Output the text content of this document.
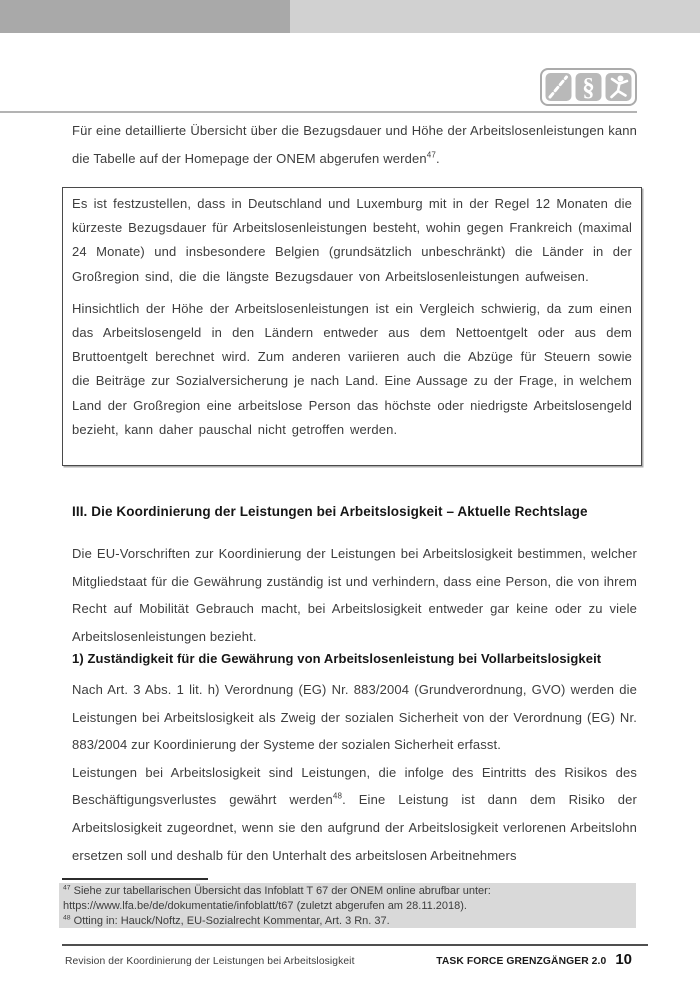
§

Für eine detaillierte Übersicht über die Bezugsdauer und Höhe der Arbeitslosenleistungen kann die Tabelle auf der Homepage der ONEM abgerufen werden$^{47}$.

Es ist festzustellen, dass in Deutschland und Luxemburg mit in der Regel 12 Monaten die kürzeste Bezugsdauer für Arbeitslosenleistungen besteht, wohin gegen Frankreich (maximal 24 Monate) und insbesondere Belgien (grundsätzlich unbeschränkt) die Länder in der Großregion sind, die die längste Bezugsdauer von Arbeitslosenleistungen aufweisen.

Hinsichtlich der Höhe der Arbeitslosenleistungen ist ein Vergleich schwierig, da zum einen das Arbeitslosengeld in den Ländern entweder aus dem Nettoentgelt oder aus dem Bruttoentgelt berechnet wird. Zum anderen variieren auch die Abzüge für Steuern sowie die Beiträge zur Sozialversicherung je nach Land. Eine Aussage zu der Frage, in welchem Land der Großregion eine arbeitslose Person das höchste oder niedrigste Arbeitslosengeld bezieht, kann daher pauschal nicht getroffen werden.

III. Die Koordinierung der Leistungen bei Arbeitslosigkeit – Aktuelle Rechtslage

Die EU-Vorschriften zur Koordinierung der Leistungen bei Arbeitslosigkeit bestimmen, welcher Mitgliedstaat für die Gewährung zuständig ist und verhindern, dass eine Person, die von ihrem Recht auf Mobilität Gebrauch macht, bei Arbeitslosigkeit entweder gar keine oder zu viele Arbeitslosenleistungen bezieht.

1) Zuständigkeit für die Gewährung von Arbeitslosenleistung bei Vollarbeitslosigkeit

Nach Art. 3 Abs. 1 lit. h) Verordnung (EG) Nr. 883/2004 (Grundverordnung, GVO) werden die Leistungen bei Arbeitslosigkeit als Zweig der sozialen Sicherheit von der Verordnung (EG) Nr. 883/2004 zur Koordinierung der Systeme der sozialen Sicherheit erfasst.

Leistungen bei Arbeitslosigkeit sind Leistungen, die infolge des Eintritts des Risikos des Beschäftigungsverlustes gewährt werden$^{48}$. Eine Leistung ist dann dem Risiko der Arbeitslosigkeit zugeordnet, wenn sie den aufgrund der Arbeitslosigkeit verlorenen Arbeitslohn ersetzen soll und deshalb für den Unterhalt des arbeitslosen Arbeitnehmers

$^{47}$ Siehe zur tabellarischen Übersicht das Infoblatt T 67 der ONEM online abrufbar unter:
https://www.lfa.be/de/dokumentatie/infoblatt/t67 (zuletzt abgerufen am 28.11.2018).
$^{48}$ Otting in: Hauck/Noftz, EU-Sozialrecht Kommentar, Art. 3 Rn. 37.
Revision der Koordinierung der Leistungen bei Arbeitslosigkeit	TASK FORCE GRENZGÄNGER 2.0 10
